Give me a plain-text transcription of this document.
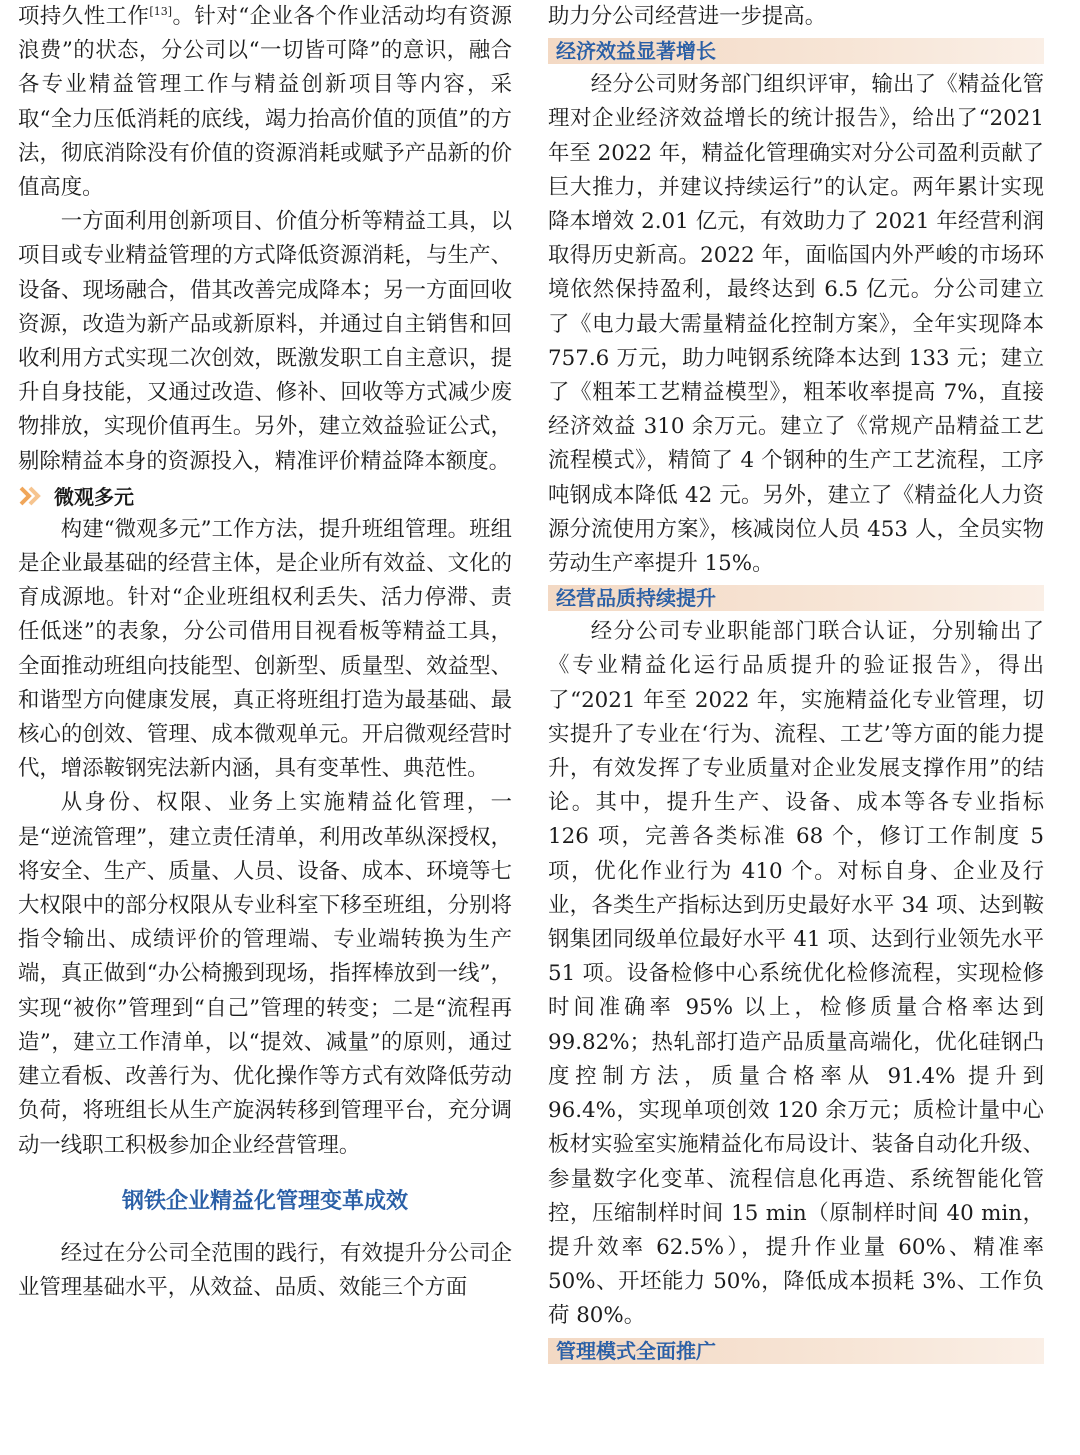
项持久性工作[13]。针对“企业各个作业活动均有资源浪费”的状态，分公司以“一切皆可降”的意识，融合各专业精益管理工作与精益创新项目等内容，采取“全力压低消耗的底线，竭力抬高价值的顶值”的方法，彻底消除没有价值的资源消耗或赋予产品新的价值高度。

一方面利用创新项目、价值分析等精益工具，以项目或专业精益管理的方式降低资源消耗，与生产、设备、现场融合，借其改善完成降本；另一方面回收资源，改造为新产品或新原料，并通过自主销售和回收利用方式实现二次创效，既激发职工自主意识，提升自身技能，又通过改造、修补、回收等方式减少废物排放，实现价值再生。另外，建立效益验证公式，剔除精益本身的资源投入，精准评价精益降本额度。

微观多元

构建“微观多元”工作方法，提升班组管理。班组是企业最基础的经营主体，是企业所有效益、文化的育成源地。针对“企业班组权利丢失、活力停滞、责任低迷”的表象，分公司借用目视看板等精益工具，全面推动班组向技能型、创新型、质量型、效益型、和谐型方向健康发展，真正将班组打造为最基础、最核心的创效、管理、成本微观单元。开启微观经营时代，增添鞍钢宪法新内涵，具有变革性、典范性。

从身份、权限、业务上实施精益化管理，一是“逆流管理”，建立责任清单，利用改革纵深授权，将安全、生产、质量、人员、设备、成本、环境等七大权限中的部分权限从专业科室下移至班组，分别将指令输出、成绩评价的管理端、专业端转换为生产端，真正做到“办公椅搬到现场，指挥棒放到一线”，实现“被你”管理到“自己”管理的转变；二是“流程再造”，建立工作清单，以“提效、减量”的原则，通过建立看板、改善行为、优化操作等方式有效降低劳动负荷，将班组长从生产旋涡转移到管理平台，充分调动一线职工积极参加企业经营管理。

钢铁企业精益化管理变革成效

经过在分公司全范围的践行，有效提升分公司企业管理基础水平，从效益、品质、效能三个方面

助力分公司经营进一步提高。

经济效益显著增长

经分公司财务部门组织评审，输出了《精益化管理对企业经济效益增长的统计报告》，给出了“2021 年至 2022 年，精益化管理确实对分公司盈利贡献了巨大推力，并建议持续运行”的认定。两年累计实现降本增效 2.01 亿元，有效助力了 2021 年经营利润取得历史新高。2022 年，面临国内外严峻的市场环境依然保持盈利，最终达到 6.5 亿元。分公司建立了《电力最大需量精益化控制方案》，全年实现降本 757.6 万元，助力吨钢系统降本达到 133 元；建立了《粗苯工艺精益模型》，粗苯收率提高 7%，直接经济效益 310 余万元。建立了《常规产品精益工艺流程模式》，精简了 4 个钢种的生产工艺流程，工序吨钢成本降低 42 元。另外，建立了《精益化人力资源分流使用方案》，核减岗位人员 453 人，全员实物劳动生产率提升 15%。

经营品质持续提升

经分公司专业职能部门联合认证，分别输出了《专业精益化运行品质提升的验证报告》，得出了“2021 年至 2022 年，实施精益化专业管理，切实提升了专业在‘行为、流程、工艺’等方面的能力提升，有效发挥了专业质量对企业发展支撑作用”的结论。其中，提升生产、设备、成本等各专业指标 126 项，完善各类标准 68 个，修订工作制度 5 项，优化作业行为 410 个。对标自身、企业及行业，各类生产指标达到历史最好水平 34 项、达到鞍钢集团同级单位最好水平 41 项、达到行业领先水平 51 项。设备检修中心系统优化检修流程，实现检修时间准确率 95% 以上，检修质量合格率达到 99.82%；热轧部打造产品质量高端化，优化硅钢凸度控制方法，质量合格率从 91.4% 提升到 96.4%，实现单项创效 120 余万元；质检计量中心板材实验室实施精益化布局设计、装备自动化升级、参量数字化变革、流程信息化再造、系统智能化管控，压缩制样时间 15 min（原制样时间 40 min，提升效率 62.5%），提升作业量 60%、精准率 50%、开坯能力 50%，降低成本损耗 3%、工作负荷 80%。

管理模式全面推广
